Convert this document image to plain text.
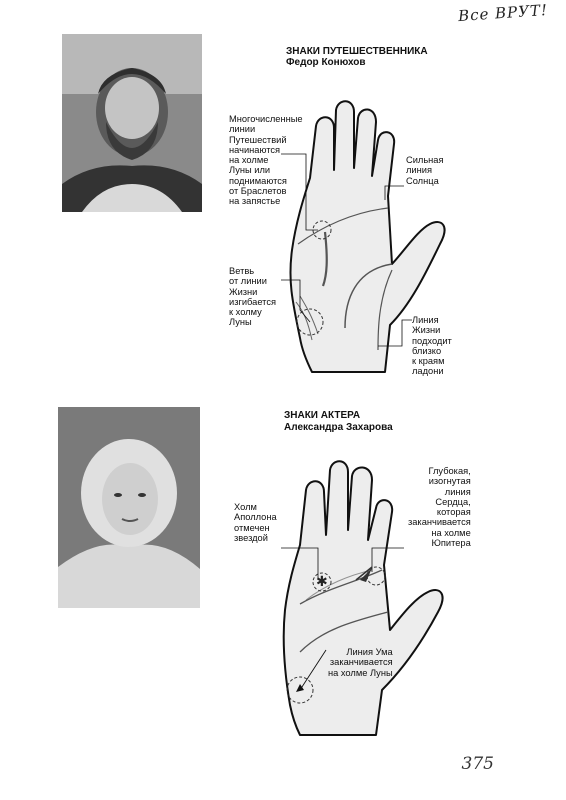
Все ВРУТ!
ЗНАКИ ПУТЕШЕСТВЕННИКА
Федор Конюхов
Многочисленные
линии
Путешествий
начинаются
на холме
Луны или
поднимаются
от Браслетов
на запястье
Сильная
линия
Солнца
Ветвь
от линии
Жизни
изгибается
к холму
Луны	Линия
Жизни
подходит
близко
к краям
ладони
ЗНАКИ АКТЕРА
Александра Захарова
✱
Холм
Аполлона
отмечен
звездой
Глубокая,
изогнутая
линия
Сердца,
которая
заканчивается
на холме
Юпитера
Линия Ума
заканчивается
на холме Луны
375
